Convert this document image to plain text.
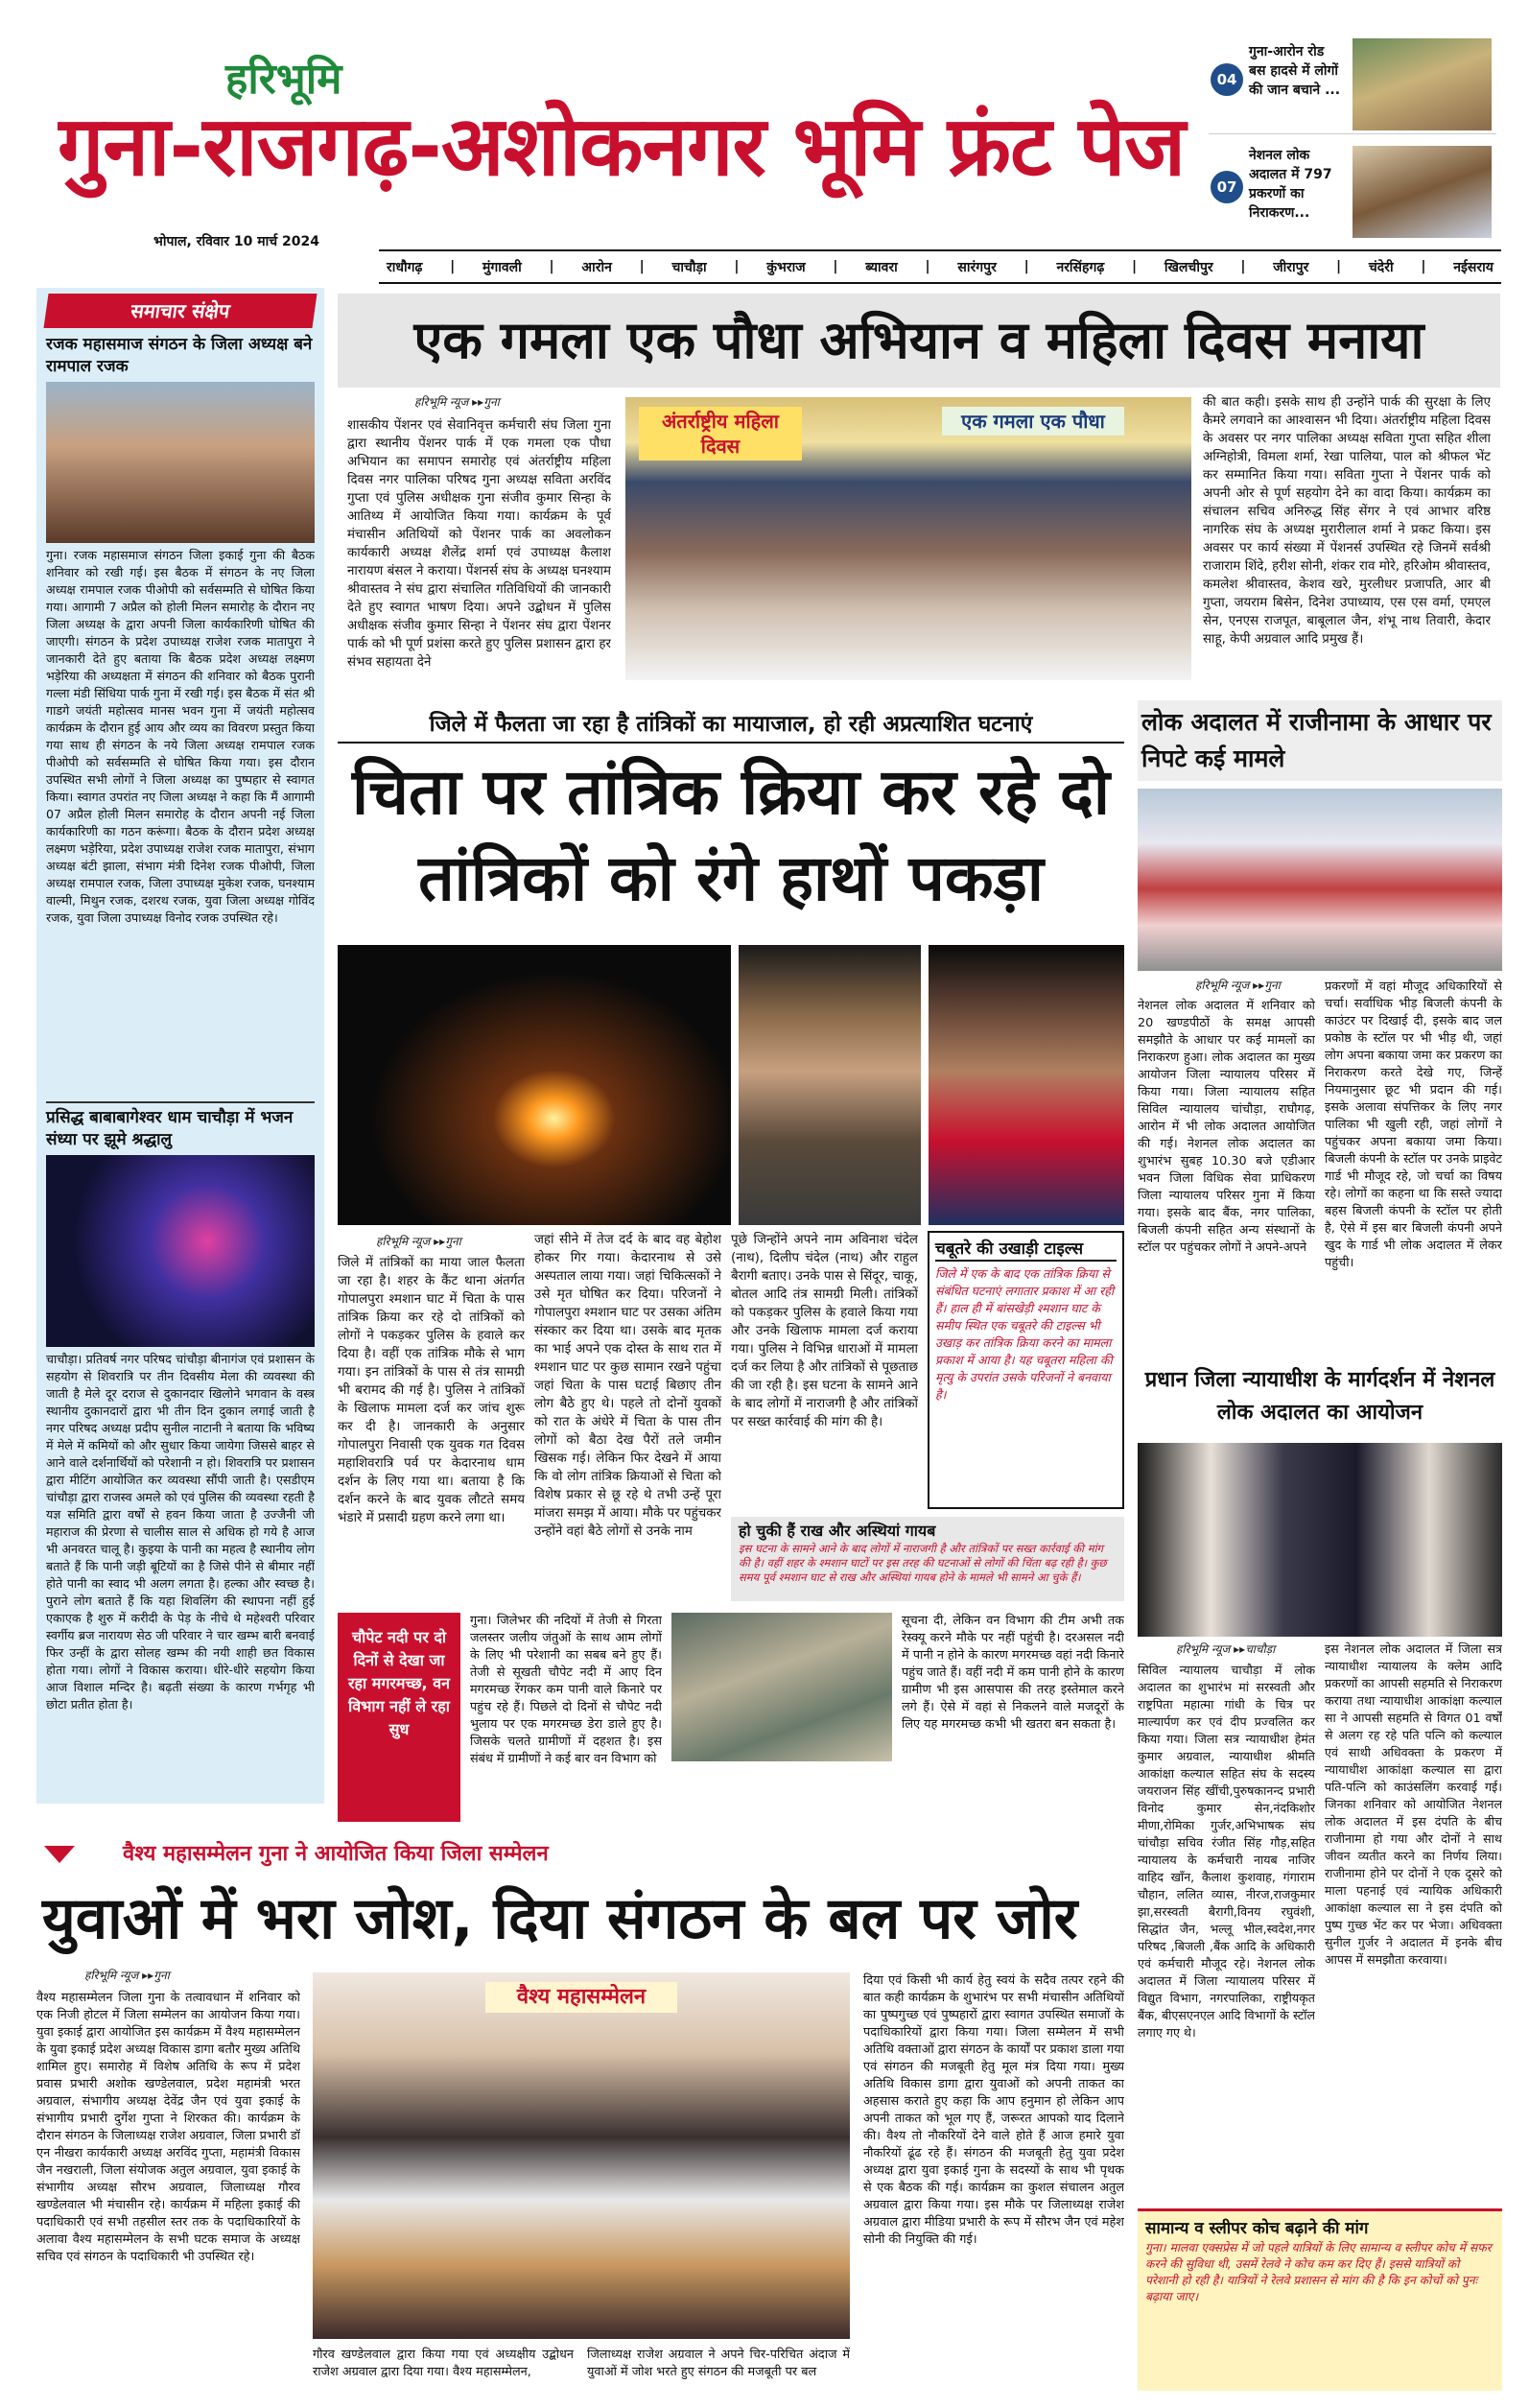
हरिभूमि
गुना-राजगढ़-अशोकनगर भूमि फ्रंट पेज
भोपाल, रविवार 10 मार्च 2024
04
गुना-आरोन रोड बस हादसे में लोगों की जान बचाने ...
07
नेशनल लोक अदालत में 797 प्रकरणों का निराकरण...
राधौगढ़ | मुंगावली | आरोन | चाचौड़ा | कुंभराज | ब्यावरा | सारंगपुर | नरसिंहगढ़ | खिलचीपुर | जीरापुर | चंदेरी | नईसराय
समाचार संक्षेप
रजक महासमाज संगठन के जिला अध्यक्ष बने रामपाल रजक
गुना। रजक महासमाज संगठन जिला इकाई गुना की बैठक शनिवार को रखी गई। इस बैठक में संगठन के नए जिला अध्यक्ष रामपाल रजक पीओपी को सर्वसम्मति से घोषित किया गया। आगामी 7 अप्रैल को होली मिलन समारोह के दौरान नए जिला अध्यक्ष के द्वारा अपनी जिला कार्यकारिणी घोषित की जाएगी। संगठन के प्रदेश उपाध्यक्ष राजेश रजक मातापुरा ने जानकारी देते हुए बताया कि बैठक प्रदेश अध्यक्ष लक्ष्मण भड़ेरिया की अध्यक्षता में संगठन की शनिवार को बैठक पुरानी गल्ला मंडी सिंधिया पार्क गुना में रखी गई। इस बैठक में संत श्री गाडगे जयंती महोत्सव मानस भवन गुना में जयंती महोत्सव कार्यक्रम के दौरान हुई आय और व्यय का विवरण प्रस्तुत किया गया साथ ही संगठन के नये जिला अध्यक्ष रामपाल रजक पीओपी को सर्वसम्मति से घोषित किया गया। इस दौरान उपस्थित सभी लोगों ने जिला अध्यक्ष का पुष्पहार से स्वागत किया। स्वागत उपरांत नए जिला अध्यक्ष ने कहा कि मैं आगामी 07 अप्रैल होली मिलन समारोह के दौरान अपनी नई जिला कार्यकारिणी का गठन करूंगा। बैठक के दौरान प्रदेश अध्यक्ष लक्ष्मण भड़ेरिया, प्रदेश उपाध्यक्ष राजेश रजक मातापुरा, संभाग अध्यक्ष बंटी झाला, संभाग मंत्री दिनेश रजक पीओपी, जिला अध्यक्ष रामपाल रजक, जिला उपाध्यक्ष मुकेश रजक, घनश्याम वाल्मी, मिथुन रजक, दशरथ रजक, युवा जिला अध्यक्ष गोविंद रजक, युवा जिला उपाध्यक्ष विनोद रजक उपस्थित रहे।
प्रसिद्ध बाबाबागेश्वर धाम चाचौड़ा में भजन संध्या पर झूमे श्रद्धालु
चाचौड़ा। प्रतिवर्ष नगर परिषद चांचौड़ा बीनागंज एवं प्रशासन के सहयोग से शिवरात्रि पर तीन दिवसीय मेला की व्यवस्था की जाती है मेले दूर दराज से दुकानदार खिलोने भगवान के वस्त्र स्थानीय दुकानदारों द्वारा भी तीन दिन दुकान लगाई जाती है नगर परिषद अध्यक्ष प्रदीप सुनील नाटानी ने बताया कि भविष्य में मेले में कमियों को और सुधार किया जायेगा जिससे बाहर से आने वाले दर्शनार्थियों को परेशानी न हो। शिवरात्रि पर प्रशासन द्वारा मीटिंग आयोजित कर व्यवस्था सौंपी जाती है। एसडीएम चांचौड़ा द्वारा राजस्व अमले को एवं पुलिस की व्यवस्था रहती है यज्ञ समिति द्वारा वर्षों से हवन किया जाता है उज्जैनी जी महाराज की प्रेरणा से चालीस साल से अधिक हो गये है आज भी अनवरत चालू है। कुइया के पानी का महत्व है स्थानीय लोग बताते हैं कि पानी जड़ी बूटियों का है जिसे पीने से बीमार नहीं होते पानी का स्वाद भी अलग लगता है। हल्का और स्वच्छ है। पुराने लोग बताते हैं कि यहा शिवलिंग की स्थापना नहीं हुई एकाएक है शुरु में करीदी के पेड़ के नीचे थे महेश्वरी परिवार स्वर्गीय ब्रज नारायण सेठ जी परिवार ने चार खम्भ बारी बनवाई फिर उन्हीं के द्वारा सोलह खम्भ की नयी शाही छत विकास होता गया। लोगों ने विकास कराया। धीरे-धीरे सहयोग किया आज विशाल मन्दिर है। बढ़ती संख्या के कारण गर्भगृह भी छोटा प्रतीत होता है।
एक गमला एक पौधा अभियान व महिला दिवस मनाया
हरिभूमि न्यूज ▸▸गुना
शासकीय पेंशनर एवं सेवानिवृत्त कर्मचारी संघ जिला गुना द्वारा स्थानीय पेंशनर पार्क में एक गमला एक पौधा अभियान का समापन समारोह एवं अंतर्राष्ट्रीय महिला दिवस नगर पालिका परिषद गुना अध्यक्ष सविता अरविंद गुप्ता एवं पुलिस अधीक्षक गुना संजीव कुमार सिन्हा के आतिथ्य में आयोजित किया गया। कार्यक्रम के पूर्व मंचासीन अतिथियों को पेंशनर पार्क का अवलोकन कार्यकारी अध्यक्ष शैलेंद्र शर्मा एवं उपाध्यक्ष कैलाश नारायण बंसल ने कराया। पेंशनर्स संघ के अध्यक्ष घनश्याम श्रीवास्तव ने संघ द्वारा संचालित गतिविधियों की जानकारी देते हुए स्वागत भाषण दिया। अपने उद्बोधन में पुलिस अधीक्षक संजीव कुमार सिन्हा ने पेंशनर संघ द्वारा पेंशनर पार्क को भी पूर्ण प्रशंसा करते हुए पुलिस प्रशासन द्वारा हर संभव सहायता देने
अंतर्राष्ट्रीय महिला दिवस
एक गमला एक पौधा
की बात कही। इसके साथ ही उन्होंने पार्क की सुरक्षा के लिए कैमरे लगवाने का आश्वासन भी दिया। अंतर्राष्ट्रीय महिला दिवस के अवसर पर नगर पालिका अध्यक्ष सविता गुप्ता सहित शीला अग्निहोत्री, विमला शर्मा, रेखा पालिया, पाल को श्रीफल भेंट कर सम्मानित किया गया। सविता गुप्ता ने पेंशनर पार्क को अपनी ओर से पूर्ण सहयोग देने का वादा किया। कार्यक्रम का संचालन सचिव अनिरुद्ध सिंह सेंगर ने एवं आभार वरिष्ठ नागरिक संघ के अध्यक्ष मुरारीलाल शर्मा ने प्रकट किया। इस अवसर पर कार्य संख्या में पेंशनर्स उपस्थित रहे जिनमें सर्वश्री राजाराम शिंदे, हरीश सोनी, शंकर राव मोरे, हरिओम श्रीवास्तव, कमलेश श्रीवास्तव, केशव खरे, मुरलीधर प्रजापति, आर बी गुप्ता, जयराम बिसेन, दिनेश उपाध्याय, एस एस वर्मा, एमएल सेन, एनएस राजपूत, बाबूलाल जैन, शंभू नाथ तिवारी, केदार साहू, केपी अग्रवाल आदि प्रमुख हैं।
जिले में फैलता जा रहा है तांत्रिकों का मायाजाल, हो रही अप्रत्याशित घटनाएं
चिता पर तांत्रिक क्रिया कर रहे दो तांत्रिकों को रंगे हाथों पकड़ा
हरिभूमि न्यूज ▸▸गुना
जिले में तांत्रिकों का माया जाल फैलता जा रहा है। शहर के कैंट थाना अंतर्गत गोपालपुरा श्मशान घाट में चिता के पास तांत्रिक क्रिया कर रहे दो तांत्रिकों को लोगों ने पकड़कर पुलिस के हवाले कर दिया है। वहीं एक तांत्रिक मौके से भाग गया। इन तांत्रिकों के पास से तंत्र सामग्री भी बरामद की गई है। पुलिस ने तांत्रिकों के खिलाफ मामला दर्ज कर जांच शुरू कर दी है। जानकारी के अनुसार गोपालपुरा निवासी एक युवक गत दिवस महाशिवरात्रि पर्व पर केदारनाथ धाम दर्शन के लिए गया था। बताया है कि दर्शन करने के बाद युवक लौटते समय भंडारे में प्रसादी ग्रहण करने लगा था।
जहां सीने में तेज दर्द के बाद वह बेहोश होकर गिर गया। केदारनाथ से उसे अस्पताल लाया गया। जहां चिकित्सकों ने उसे मृत घोषित कर दिया। परिजनों ने गोपालपुरा श्मशान घाट पर उसका अंतिम संस्कार कर दिया था। उसके बाद मृतक का भाई अपने एक दोस्त के साथ रात में श्मशान घाट पर कुछ सामान रखने पहुंचा जहां चिता के पास घटाई बिछाए तीन लोग बैठे हुए थे। पहले तो दोनों युवकों को रात के अंधेरे में चिता के पास तीन लोगों को बैठा देख पैरों तले जमीन खिसक गई। लेकिन फिर देखने में आया कि वो लोग तांत्रिक क्रियाओं से चिता को विशेष प्रकार से छू रहे थे तभी उन्हें पूरा मांजरा समझ में आया। मौके पर पहुंचकर उन्होंने वहां बैठे लोगों से उनके नाम
पूछे जिन्होंने अपने नाम अविनाश चंदेल (नाथ), दिलीप चंदेल (नाथ) और राहुल बैरागी बताए। उनके पास से सिंदूर, चाकू, बोतल आदि तंत्र सामग्री मिली। तांत्रिकों को पकड़कर पुलिस के हवाले किया गया और उनके खिलाफ मामला दर्ज कराया गया। पुलिस ने विभिन्न धाराओं में मामला दर्ज कर लिया है और तांत्रिकों से पूछताछ की जा रही है। इस घटना के सामने आने के बाद लोगों में नाराजगी है और तांत्रिकों पर सख्त कार्रवाई की मांग की है।
चबूतरे की उखाड़ी टाइल्स
जिले में एक के बाद एक तांत्रिक क्रिया से संबंधित घटनाएं लगातार प्रकाश में आ रही हैं। हाल ही में बांसखेड़ी श्मशान घाट के समीप स्थित एक चबूतरे की टाइल्स भी उखाड़ कर तांत्रिक क्रिया करने का मामला प्रकाश में आया है। यह चबूतरा महिला की मृत्यु के उपरांत उसके परिजनों ने बनवाया है।
हो चुकी हैं राख और अस्थियां गायब
इस घटना के सामने आने के बाद लोगों में नाराजगी है और तांत्रिकों पर सख्त कार्रवाई की मांग की है। वहीं शहर के श्मशान घाटों पर इस तरह की घटनाओं से लोगों की चिंता बढ़ रही है। कुछ समय पूर्व श्मशान घाट से राख और अस्थियां गायब होने के मामले भी सामने आ चुके हैं।
चौपेट नदी पर दो दिनों से देखा जा रहा मगरमच्छ, वन विभाग नहीं ले रहा सुध
गुना। जिलेभर की नदियों में तेजी से गिरता जलस्तर जलीय जंतुओं के साथ आम लोगों के लिए भी परेशानी का सबब बने हुए हैं। तेजी से सूखती चौपेट नदी में आए दिन मगरमच्छ रेंगकर कम पानी वाले किनारे पर पहुंच रहे हैं। पिछले दो दिनों से चौपेट नदी भुलाय पर एक मगरमच्छ डेरा डाले हुए है। जिसके चलते ग्रामीणों में दहशत है। इस संबंध में ग्रामीणों ने कई बार वन विभाग को
सूचना दी, लेकिन वन विभाग की टीम अभी तक रेस्क्यू करने मौके पर नहीं पहुंची है। दरअसल नदी में पानी न होने के कारण मगरमच्छ वहां नदी किनारे पहुंच जाते हैं। वहीं नदी में कम पानी होने के कारण ग्रामीण भी इस आसपास की तरह इस्तेमाल करने लगे हैं। ऐसे में वहां से निकलने वाले मजदूरों के लिए यह मगरमच्छ कभी भी खतरा बन सकता है।
लोक अदालत में राजीनामा के आधार पर निपटे कई मामले
हरिभूमि न्यूज ▸▸गुना
नेशनल लोक अदालत में शनिवार को 20 खण्डपीठों के समक्ष आपसी समझौते के आधार पर कई मामलों का निराकरण हुआ। लोक अदालत का मुख्य आयोजन जिला न्यायालय परिसर में किया गया। जिला न्यायालय सहित सिविल न्यायालय चांचौड़ा, राघौगढ़, आरोन में भी लोक अदालत आयोजित की गई। नेशनल लोक अदालत का शुभारंभ सुबह 10.30 बजे एडीआर भवन जिला विधिक सेवा प्राधिकरण जिला न्यायालय परिसर गुना में किया गया। इसके बाद बैंक, नगर पालिका, बिजली कंपनी सहित अन्य संस्थानों के स्टॉल पर पहुंचकर लोगों ने अपने-अपने
प्रकरणों में वहां मौजूद अधिकारियों से चर्चा। सर्वाधिक भीड़ बिजली कंपनी के काउंटर पर दिखाई दी, इसके बाद जल प्रकोष्ठ के स्टॉल पर भी भीड़ थी, जहां लोग अपना बकाया जमा कर प्रकरण का निराकरण करते देखे गए, जिन्हें नियमानुसार छूट भी प्रदान की गई। इसके अलावा संपत्तिकर के लिए नगर पालिका भी खुली रही, जहां लोगों ने पहुंचकर अपना बकाया जमा किया। बिजली कंपनी के स्टॉल पर उनके प्राइवेट गार्ड भी मौजूद रहे, जो चर्चा का विषय रहे। लोगों का कहना था कि सस्ते ज्यादा बहस बिजली कंपनी के स्टॉल पर होती है, ऐसे में इस बार बिजली कंपनी अपने खुद के गार्ड भी लोक अदालत में लेकर पहुंची।
प्रधान जिला न्यायाधीश के मार्गदर्शन में नेशनल लोक अदालत का आयोजन
हरिभूमि न्यूज ▸▸चाचौड़ा
सिविल न्यायालय चाचौड़ा में लोक अदालत का शुभारंभ मां सरस्वती और राष्ट्रपिता महात्मा गांधी के चित्र पर माल्यार्पण कर एवं दीप प्रज्वलित कर किया गया। जिला सत्र न्यायाधीश हेमंत कुमार अग्रवाल, न्यायाधीश श्रीमति आकांक्षा कल्याल सहित संघ के सदस्य जयराजन सिंह खींची,पुरुषकानन्द प्रभारी विनोद कुमार सेन,नंदकिशोर मीणा,रोमिका गुर्जर,अभिभाषक संघ चांचौड़ा सचिव रंजीत सिंह गौड़,सहित न्यायालय के कर्मचारी नायब नाजिर वाहिद खाँन, कैलाश कुशवाह, गंगाराम चौहान, ललित व्यास, नीरज,राजकुमार झा,सरस्वती बैरागी,विनय रघुवंशी, सिद्धांत जैन, भल्लू भील,स्वदेश,नगर परिषद ,बिजली ,बैंक आदि के अधिकारी एवं कर्मचारी मौजूद रहे। नेशनल लोक अदालत में जिला न्यायालय परिसर में विद्युत विभाग, नगरपालिका, राष्ट्रीयकृत बैंक, बीएसएनएल आदि विभागों के स्टॉल लगाए गए थे।
इस नेशनल लोक अदालत में जिला सत्र न्यायाधीश न्यायालय के क्लेम आदि प्रकरणों का आपसी सहमति से निराकरण कराया तथा न्यायाधीश आकांक्षा कल्याल सा ने आपसी सहमति से विगत 01 वर्षों से अलग रह रहे पति पत्नि को कल्याल एवं साथी अधिवक्ता के प्रकरण में न्यायाधीश आकांक्षा कल्याल सा द्वारा पति-पत्नि को काउंसलिंग करवाई गई। जिनका शनिवार को आयोजित नेशनल लोक अदालत में इस दंपति के बीच राजीनामा हो गया और दोनों ने साथ जीवन व्यतीत करने का निर्णय लिया। राजीनामा होने पर दोनों ने एक दूसरे को माला पहनाई एवं न्यायिक अधिकारी आकांक्षा कल्याल सा ने इस दंपति को पुष्प गुच्छ भेंट कर पर भेजा। अधिवक्ता सुनील गुर्जर ने अदालत में इनके बीच आपस में समझौता करवाया।
सामान्य व स्लीपर कोच बढ़ाने की मांग
गुना। मालवा एक्सप्रेस में जो पहले यात्रियों के लिए सामान्य व स्लीपर कोच में सफर करने की सुविधा थी, उसमें रेलवे ने कोच कम कर दिए हैं। इससे यात्रियों को परेशानी हो रही है। यात्रियों ने रेलवे प्रशासन से मांग की है कि इन कोचों को पुनः बढ़ाया जाए।
वैश्य महासम्मेलन गुना ने आयोजित किया जिला सम्मेलन
युवाओं में भरा जोश, दिया संगठन के बल पर जोर
हरिभूमि न्यूज ▸▸गुना
वैश्य महासम्मेलन जिला गुना के तत्वावधान में शनिवार को एक निजी होटल में जिला सम्मेलन का आयोजन किया गया। युवा इकाई द्वारा आयोजित इस कार्यक्रम में वैश्य महासम्मेलन के युवा इकाई प्रदेश अध्यक्ष विकास डागा बतौर मुख्य अतिथि शामिल हुए। समारोह में विशेष अतिथि के रूप में प्रदेश प्रवास प्रभारी अशोक खण्डेलवाल, प्रदेश महामंत्री भरत अग्रवाल, संभागीय अध्यक्ष देवेंद्र जैन एवं युवा इकाई के संभागीय प्रभारी दुर्गेश गुप्ता ने शिरकत की। कार्यक्रम के दौरान संगठन के जिलाध्यक्ष राजेश अग्रवाल, जिला प्रभारी डॉ एन नीखरा कार्यकारी अध्यक्ष अरविंद गुप्ता, महामंत्री विकास जैन नखराली, जिला संयोजक अतुल अग्रवाल, युवा इकाई के संभागीय अध्यक्ष सौरभ अग्रवाल, जिलाध्यक्ष गौरव खण्डेलवाल भी मंचासीन रहे। कार्यक्रम में महिला इकाई की पदाधिकारी एवं सभी तहसील स्तर तक के पदाधिकारियों के अलावा वैश्य महासम्मेलन के सभी घटक समाज के अध्यक्ष सचिव एवं संगठन के पदाधिकारी भी उपस्थित रहे।
वैश्य महासम्मेलन
गौरव खण्डेलवाल द्वारा किया गया एवं अध्यक्षीय उद्बोधन राजेश अग्रवाल द्वारा दिया गया। वैश्य महासम्मेलन,
जिलाध्यक्ष राजेश अग्रवाल ने अपने चिर-परिचित अंदाज में युवाओं में जोश भरते हुए संगठन की मजबूती पर बल
दिया एवं किसी भी कार्य हेतु स्वयं के सदैव तत्पर रहने की बात कही कार्यक्रम के शुभारंभ पर सभी मंचासीन अतिथियों का पुष्पगुच्छ एवं पुष्पहारों द्वारा स्वागत उपस्थित समाजों के पदाधिकारियों द्वारा किया गया। जिला सम्मेलन में सभी अतिथि वक्ताओं द्वारा संगठन के कार्यों पर प्रकाश डाला गया एवं संगठन की मजबूती हेतु मूल मंत्र दिया गया। मुख्य अतिथि विकास डागा द्वारा युवाओं को अपनी ताकत का अहसास कराते हुए कहा कि आप हनुमान हो लेकिन आप अपनी ताकत को भूल गए हैं, जरूरत आपको याद दिलाने की। वैश्य तो नौकरियों देने वाले होते हैं आज हमारे युवा नौकरियों ढूंढ रहे हैं। संगठन की मजबूती हेतु युवा प्रदेश अध्यक्ष द्वारा युवा इकाई गुना के सदस्यों के साथ भी पृथक से एक बैठक की गई। कार्यक्रम का कुशल संचालन अतुल अग्रवाल द्वारा किया गया। इस मौके पर जिलाध्यक्ष राजेश अग्रवाल द्वारा मीडिया प्रभारी के रूप में सौरभ जैन एवं महेश सोनी की नियुक्ति की गई।
